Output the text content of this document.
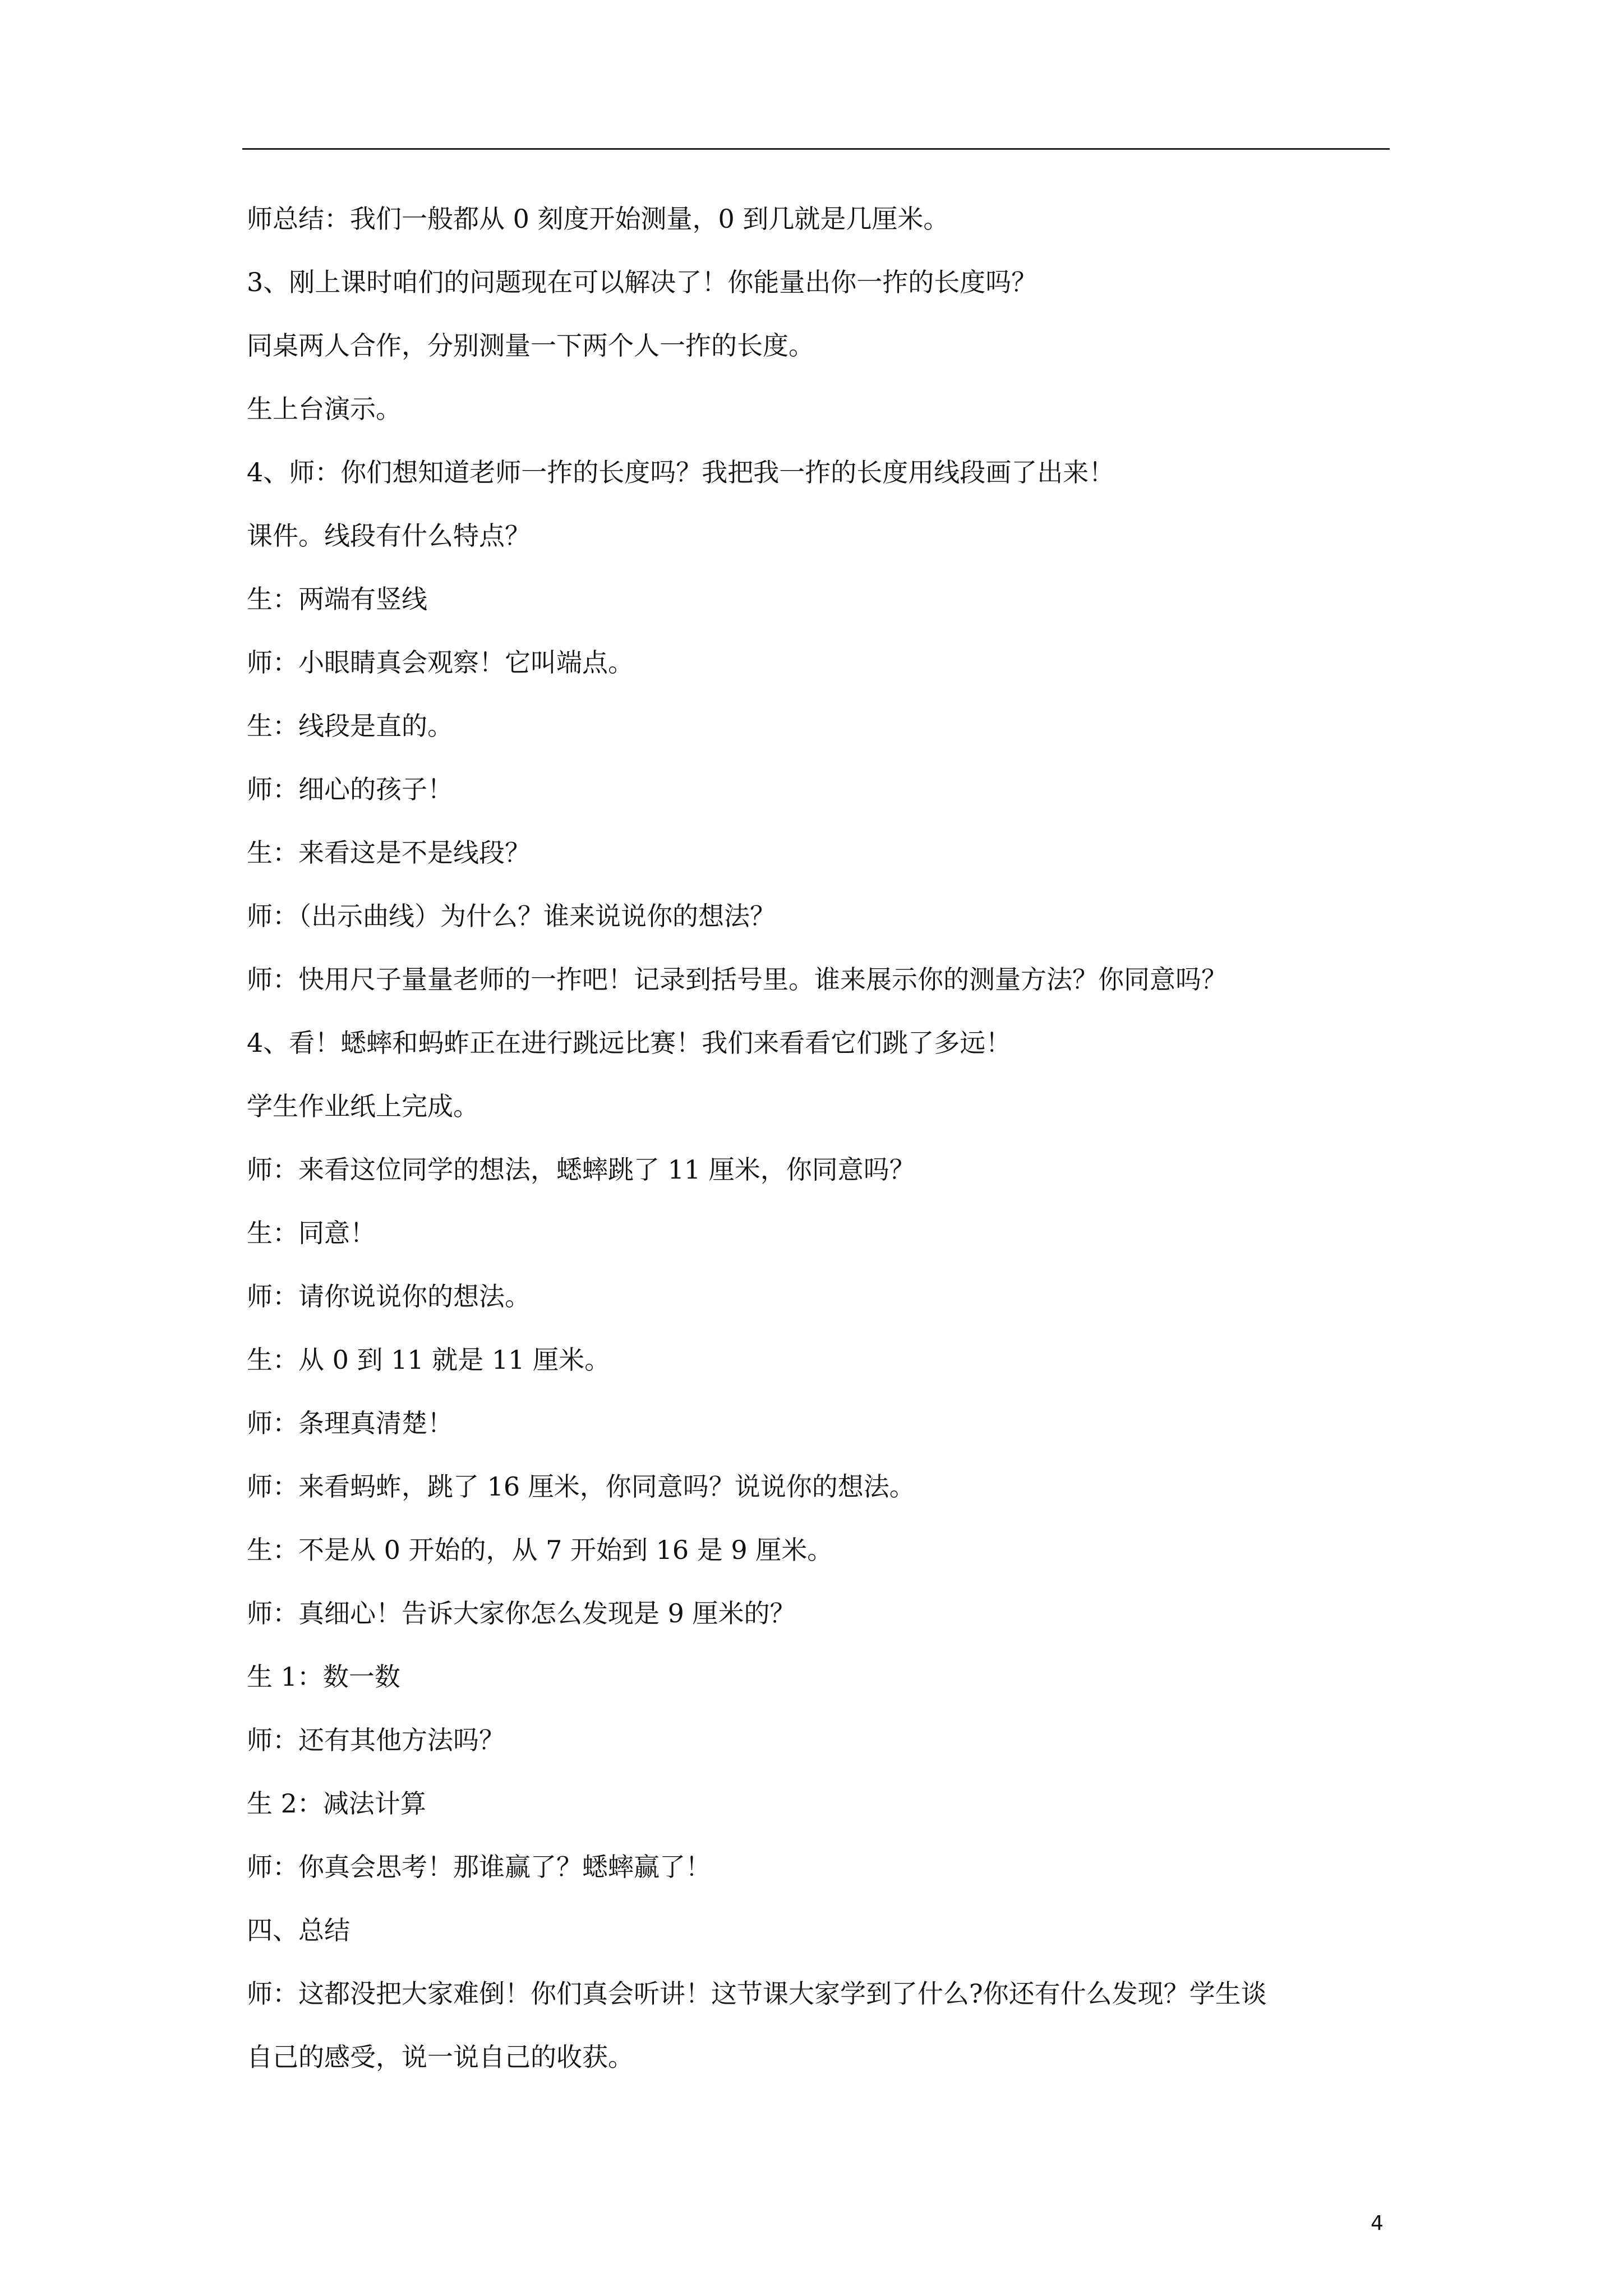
师总结：我们一般都从 0 刻度开始测量，0 到几就是几厘米。

3、刚上课时咱们的问题现在可以解决了！你能量出你一拃的长度吗？

同桌两人合作，分别测量一下两个人一拃的长度。

生上台演示。

4、师：你们想知道老师一拃的长度吗？我把我一拃的长度用线段画了出来！

课件。线段有什么特点？

生：两端有竖线

师：小眼睛真会观察！它叫端点。

生：线段是直的。

师：细心的孩子！

生：来看这是不是线段？

师：（出示曲线）为什么？谁来说说你的想法？

师：快用尺子量量老师的一拃吧！记录到括号里。谁来展示你的测量方法？你同意吗？

4、看！蟋蟀和蚂蚱正在进行跳远比赛！我们来看看它们跳了多远！

学生作业纸上完成。

师：来看这位同学的想法，蟋蟀跳了 11 厘米，你同意吗？

生：同意！

师：请你说说你的想法。

生：从 0 到 11 就是 11 厘米。

师：条理真清楚！

师：来看蚂蚱，跳了 16 厘米，你同意吗？说说你的想法。

生：不是从 0 开始的，从 7 开始到 16 是 9 厘米。

师：真细心！告诉大家你怎么发现是 9 厘米的？

生 1：数一数

师：还有其他方法吗？

生 2：减法计算

师：你真会思考！那谁赢了？蟋蟀赢了！

四、总结

师：这都没把大家难倒！你们真会听讲！这节课大家学到了什么?你还有什么发现？学生谈
自己的感受，说一说自己的收获。

4
